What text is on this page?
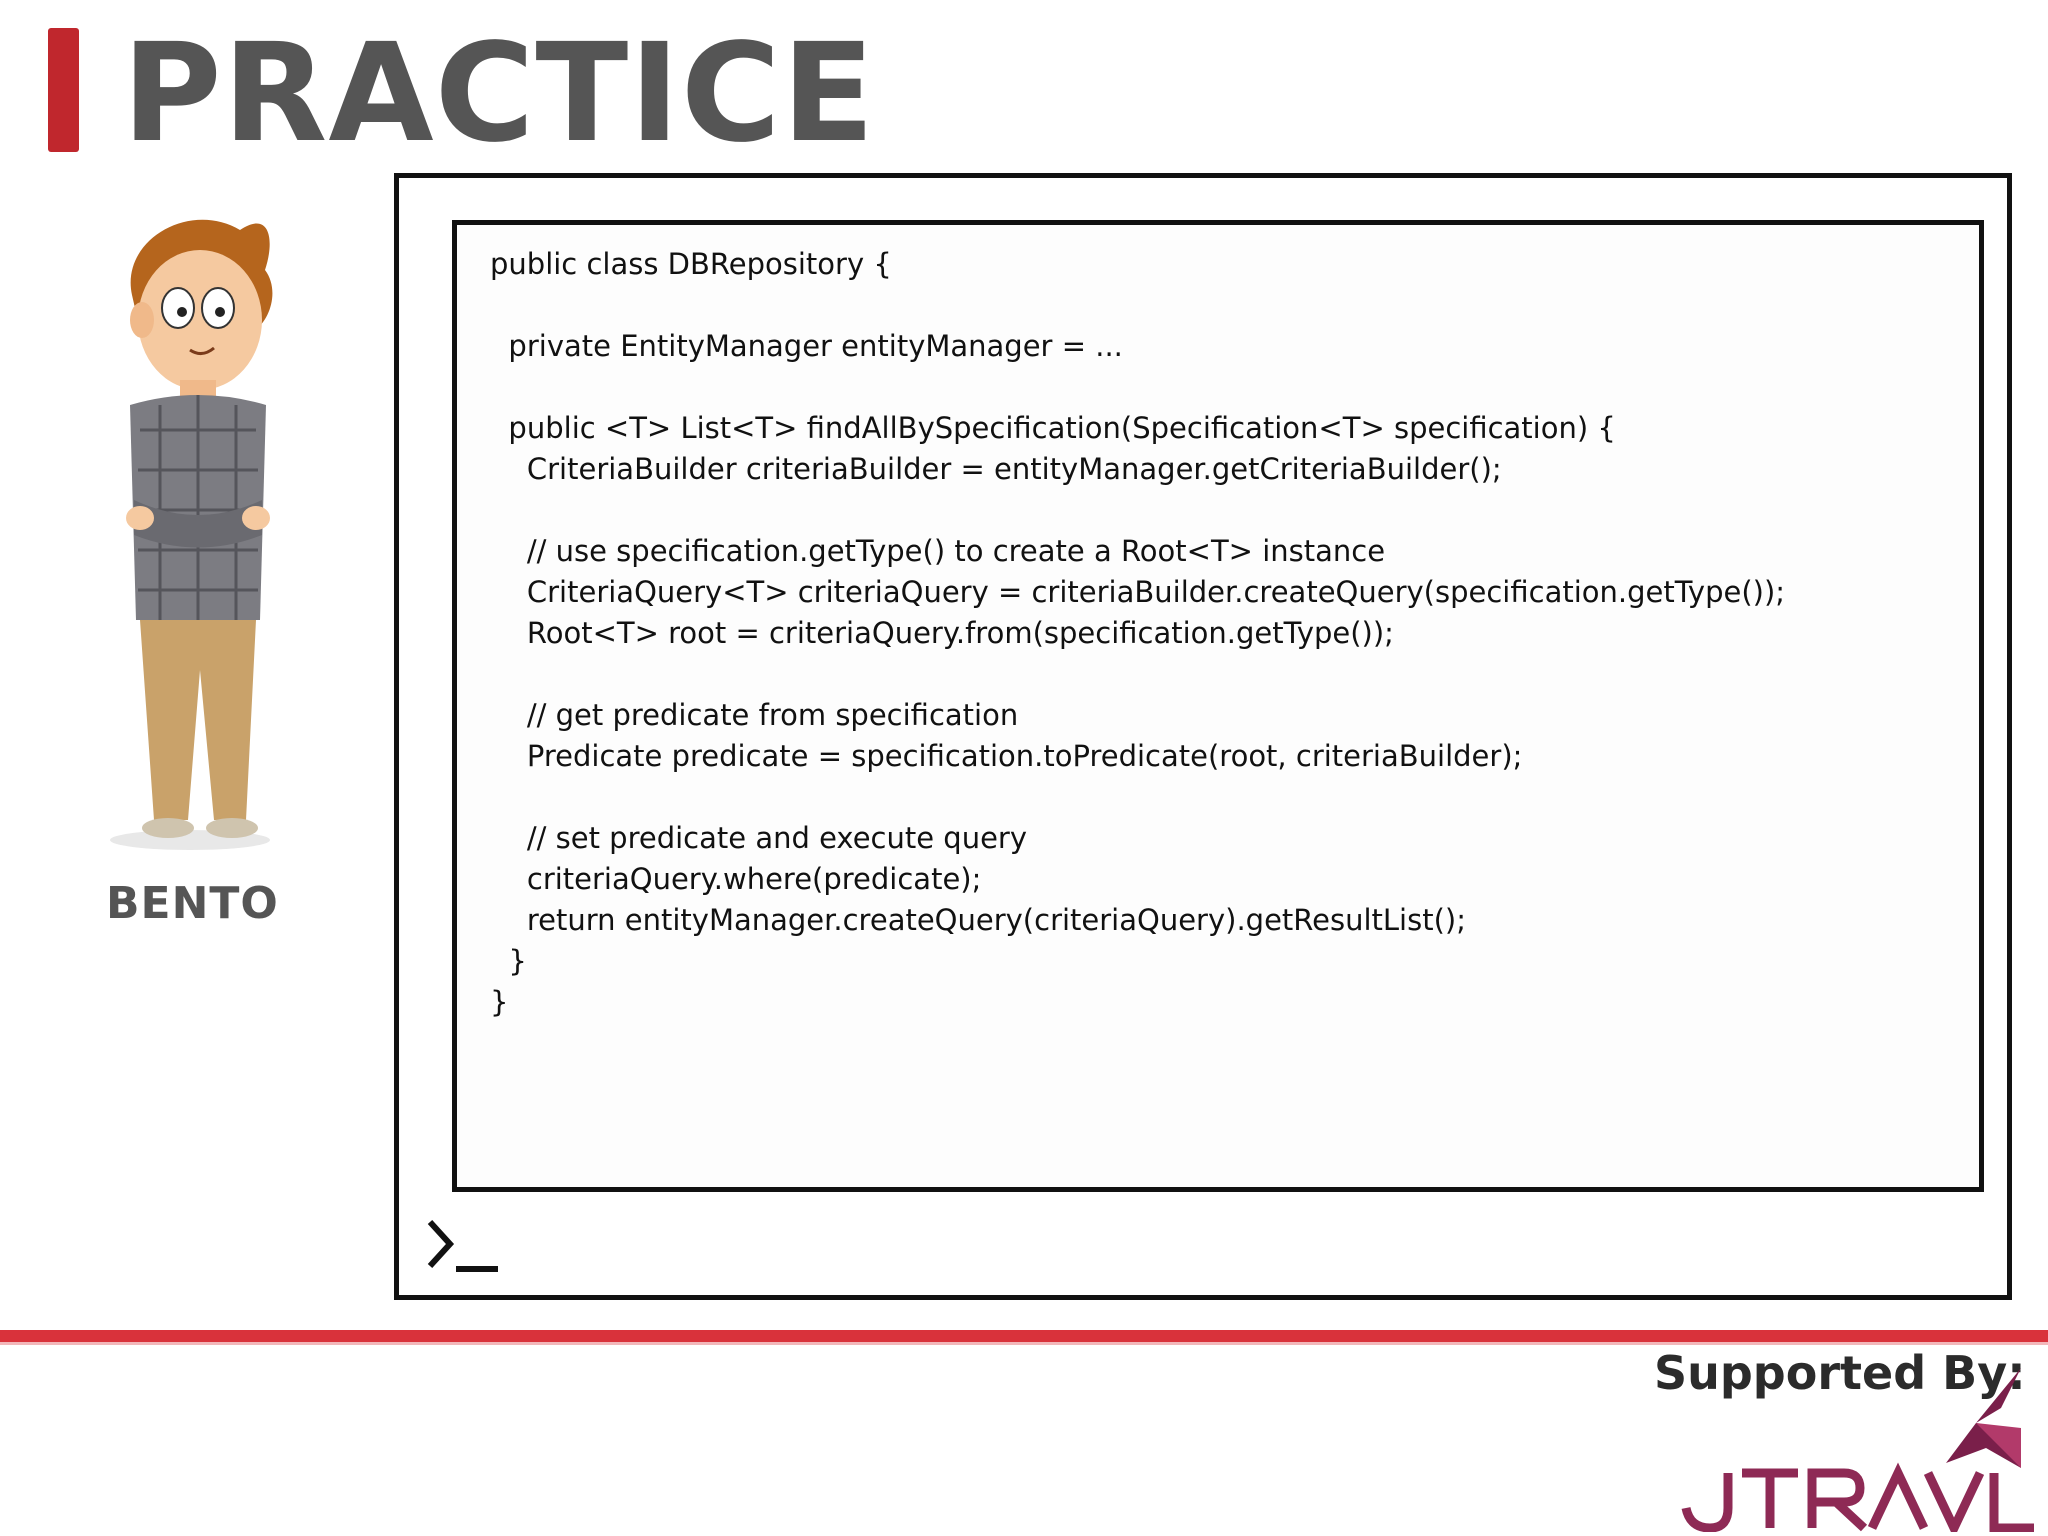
PRACTICE
BENTO
public class DBRepository {
private EntityManager entityManager = ...
public <T> List<T> findAllBySpecification(Specification<T> specification) {
CriteriaBuilder criteriaBuilder = entityManager.getCriteriaBuilder();
// use specification.getType() to create a Root<T> instance
CriteriaQuery<T> criteriaQuery = criteriaBuilder.createQuery(specification.getType());
Root<T> root = criteriaQuery.from(specification.getType());
// get predicate from specification
Predicate predicate = specification.toPredicate(root, criteriaBuilder);
// set predicate and execute query
criteriaQuery.where(predicate);
return entityManager.createQuery(criteriaQuery).getResultList();
}
}
Supported By:
